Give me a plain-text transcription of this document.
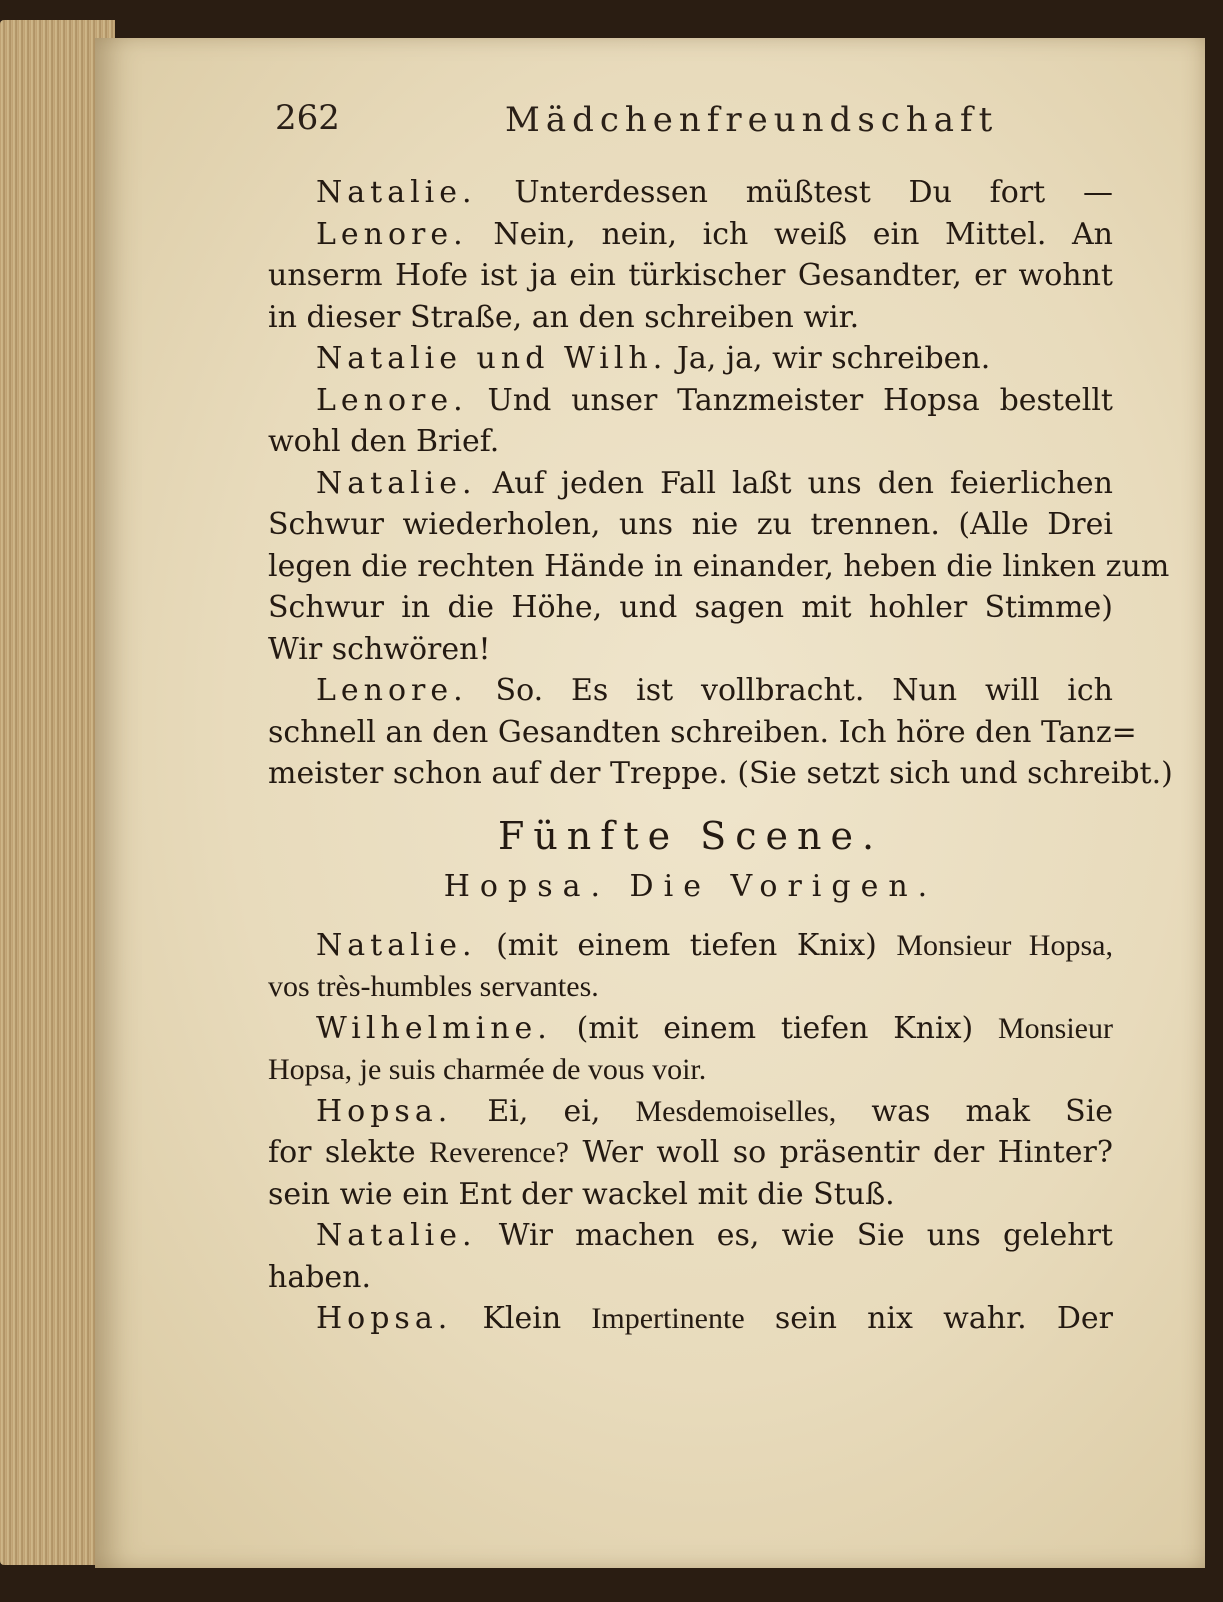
262	Mädchenfreundschaft
Natalie. Unterdessen müßtest Du fort —
Lenore. Nein, nein, ich weiß ein Mittel. An
unserm Hofe ist ja ein türkischer Gesandter, er wohnt
in dieser Straße, an den schreiben wir.
Natalie und Wilh. Ja, ja, wir schreiben.
Lenore. Und unser Tanzmeister Hopsa bestellt
wohl den Brief.
Natalie. Auf jeden Fall laßt uns den feierlichen
Schwur wiederholen, uns nie zu trennen. (Alle Drei
legen die rechten Hände in einander, heben die linken zum
Schwur in die Höhe, und sagen mit hohler Stimme)
Wir schwören!
Lenore. So. Es ist vollbracht. Nun will ich
schnell an den Gesandten schreiben. Ich höre den Tanz=
meister schon auf der Treppe. (Sie setzt sich und schreibt.)
Fünfte Scene.
Hopsa. Die Vorigen.
Natalie. (mit einem tiefen Knix) Monsieur Hopsa,
vos très-humbles servantes.
Wilhelmine. (mit einem tiefen Knix) Monsieur
Hopsa, je suis charmée de vous voir.
Hopsa. Ei, ei, Mesdemoiselles, was mak Sie
for slekte Reverence? Wer woll so präsentir der Hinter?
sein wie ein Ent der wackel mit die Stuß.
Natalie. Wir machen es, wie Sie uns gelehrt
haben.
Hopsa. Klein Impertinente sein nix wahr. Der
